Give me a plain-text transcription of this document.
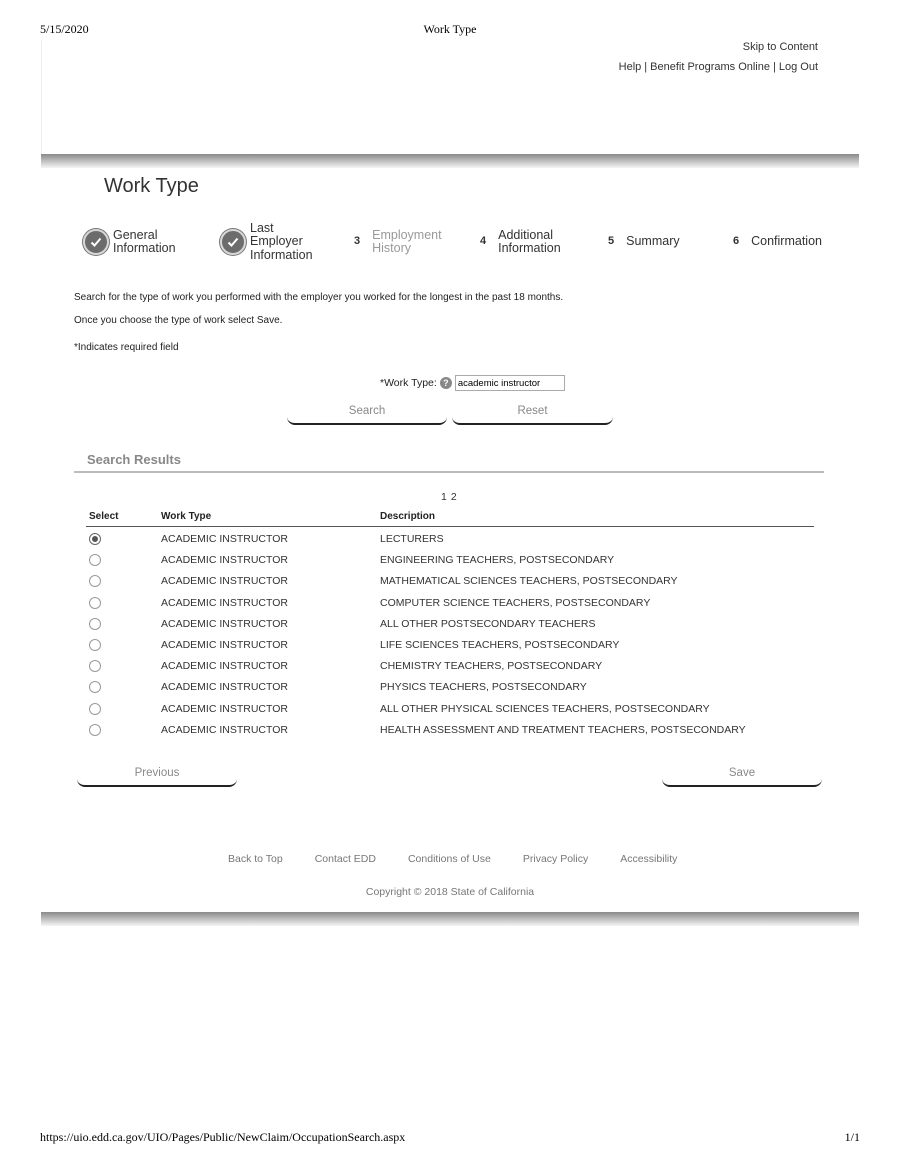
5/15/2020	Work Type
https://uio.edd.ca.gov/UIO/Pages/Public/NewClaim/OccupationSearch.aspx	1/1
Skip to Content
Help | Benefit Programs Online | Log Out
Work Type
General
Information
Last
Employer
Information
3 Employment
History	4 Additional
Information	5 Summary	6 Confirmation
Search for the type of work you performed with the employer you worked for the longest in the past 18 months.
Once you choose the type of work select Save.
*Indicates required field
*Work Type: ?
academic instructor
Search	Reset
Search Results
1 2
Select	Work Type	Description
ACADEMIC INSTRUCTOR	LECTURERS
ACADEMIC INSTRUCTOR	ENGINEERING TEACHERS, POSTSECONDARY
ACADEMIC INSTRUCTOR	MATHEMATICAL SCIENCES TEACHERS, POSTSECONDARY
ACADEMIC INSTRUCTOR	COMPUTER SCIENCE TEACHERS, POSTSECONDARY
ACADEMIC INSTRUCTOR	ALL OTHER POSTSECONDARY TEACHERS
ACADEMIC INSTRUCTOR	LIFE SCIENCES TEACHERS, POSTSECONDARY
ACADEMIC INSTRUCTOR	CHEMISTRY TEACHERS, POSTSECONDARY
ACADEMIC INSTRUCTOR	PHYSICS TEACHERS, POSTSECONDARY
ACADEMIC INSTRUCTOR	ALL OTHER PHYSICAL SCIENCES TEACHERS, POSTSECONDARY
ACADEMIC INSTRUCTOR	HEALTH ASSESSMENT AND TREATMENT TEACHERS, POSTSECONDARY
Previous	Save
Back to Top	Contact EDD	Conditions of Use	Privacy Policy	Accessibility
Copyright © 2018 State of California
